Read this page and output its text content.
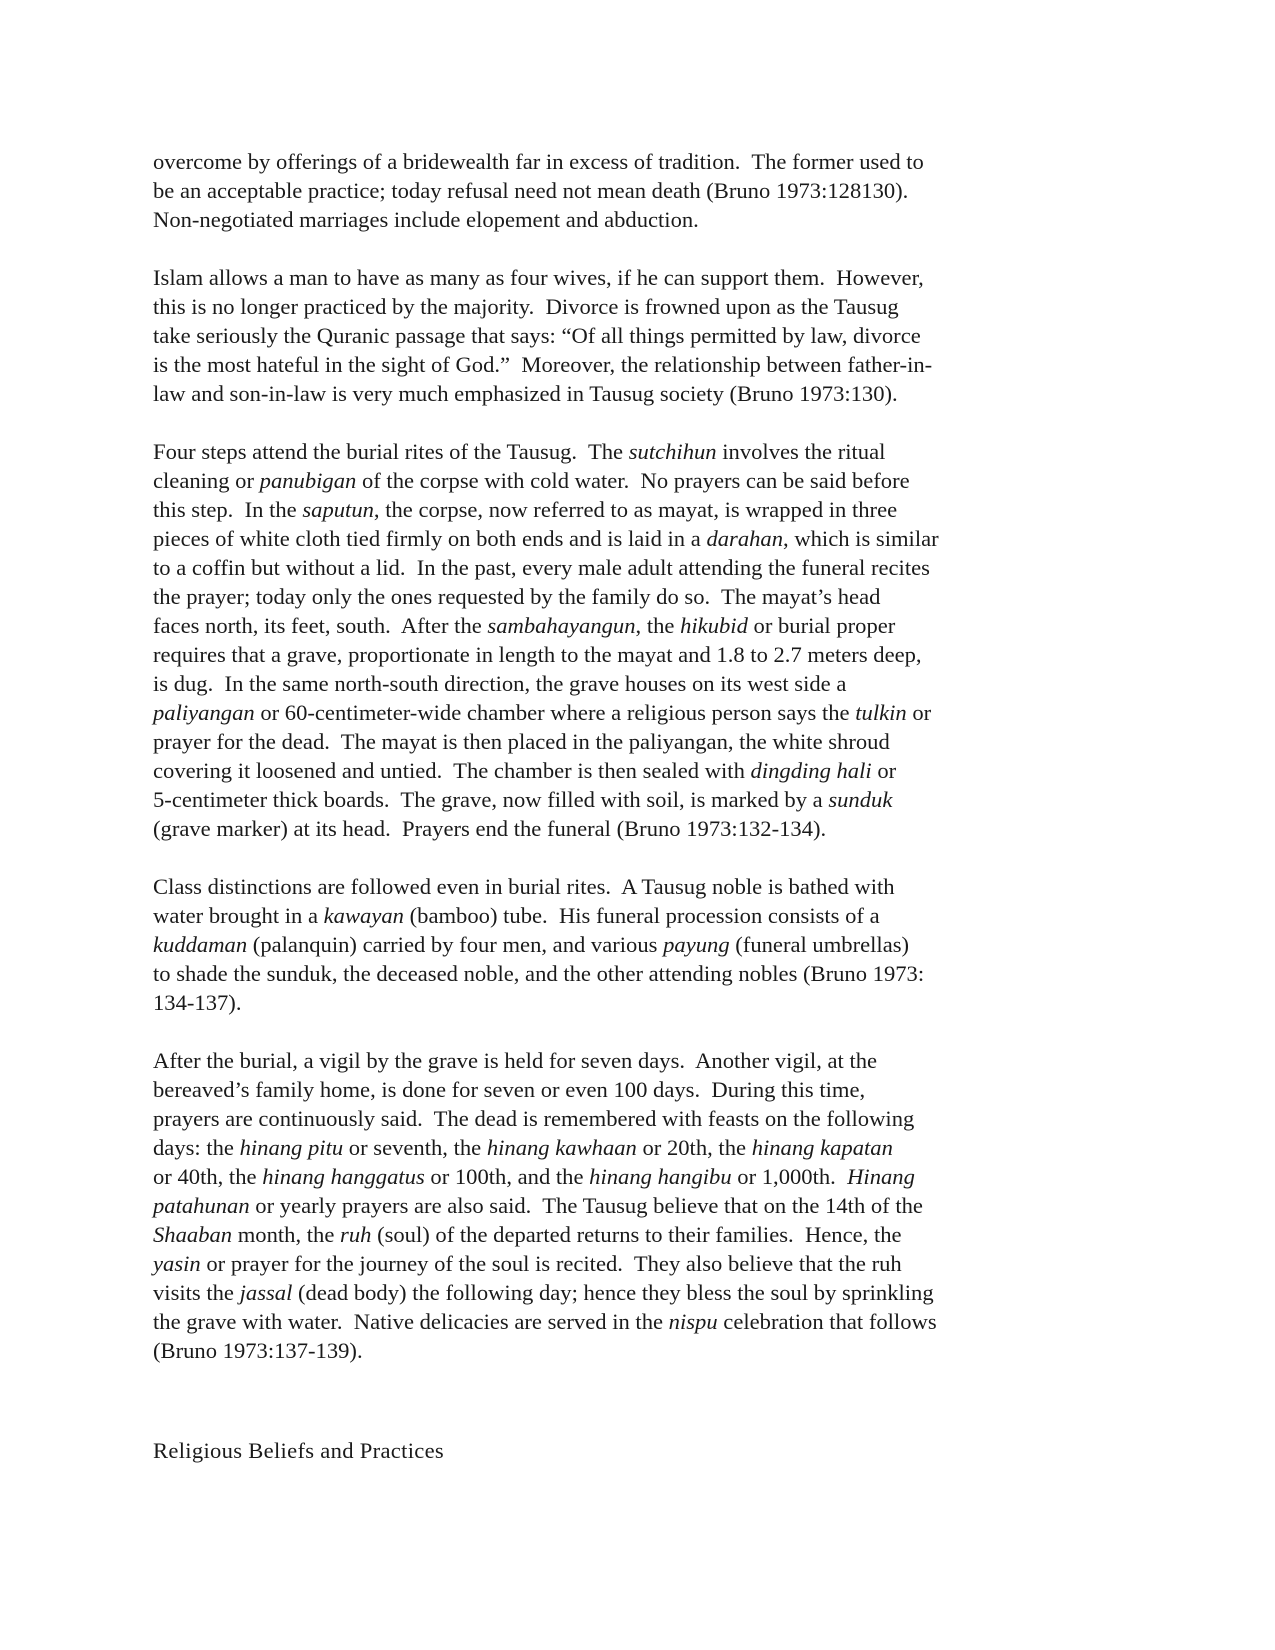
overcome by offerings of a bridewealth far in excess of tradition.  The former used to
be an acceptable practice; today refusal need not mean death (Bruno 1973:128130).
Non-negotiated marriages include elopement and abduction.
Islam allows a man to have as many as four wives, if he can support them.  However,
this is no longer practiced by the majority.  Divorce is frowned upon as the Tausug
take seriously the Quranic passage that says: “Of all things permitted by law, divorce
is the most hateful in the sight of God.”  Moreover, the relationship between father-in-
law and son-in-law is very much emphasized in Tausug society (Bruno 1973:130).
Four steps attend the burial rites of the Tausug.  The sutchihun involves the ritual
cleaning or panubigan of the corpse with cold water.  No prayers can be said before
this step.  In the saputun, the corpse, now referred to as mayat, is wrapped in three
pieces of white cloth tied firmly on both ends and is laid in a darahan, which is similar
to a coffin but without a lid.  In the past, every male adult attending the funeral recites
the prayer; today only the ones requested by the family do so.  The mayat’s head
faces north, its feet, south.  After the sambahayangun, the hikubid or burial proper
requires that a grave, proportionate in length to the mayat and 1.8 to 2.7 meters deep,
is dug.  In the same north-south direction, the grave houses on its west side a
paliyangan or 60-centimeter-wide chamber where a religious person says the tulkin or
prayer for the dead.  The mayat is then placed in the paliyangan, the white shroud
covering it loosened and untied.  The chamber is then sealed with dingding hali or
5-centimeter thick boards.  The grave, now filled with soil, is marked by a sunduk
(grave marker) at its head.  Prayers end the funeral (Bruno 1973:132-134).
Class distinctions are followed even in burial rites.  A Tausug noble is bathed with
water brought in a kawayan (bamboo) tube.  His funeral procession consists of a
kuddaman (palanquin) carried by four men, and various payung (funeral umbrellas)
to shade the sunduk, the deceased noble, and the other attending nobles (Bruno 1973:
134-137).
After the burial, a vigil by the grave is held for seven days.  Another vigil, at the
bereaved’s family home, is done for seven or even 100 days.  During this time,
prayers are continuously said.  The dead is remembered with feasts on the following
days: the hinang pitu or seventh, the hinang kawhaan or 20th, the hinang kapatan
or 40th, the hinang hanggatus or 100th, and the hinang hangibu or 1,000th.  Hinang
patahunan or yearly prayers are also said.  The Tausug believe that on the 14th of the
Shaaban month, the ruh (soul) of the departed returns to their families.  Hence, the
yasin or prayer for the journey of the soul is recited.  They also believe that the ruh
visits the jassal (dead body) the following day; hence they bless the soul by sprinkling
the grave with water.  Native delicacies are served in the nispu celebration that follows
(Bruno 1973:137-139).
Religious Beliefs and Practices
